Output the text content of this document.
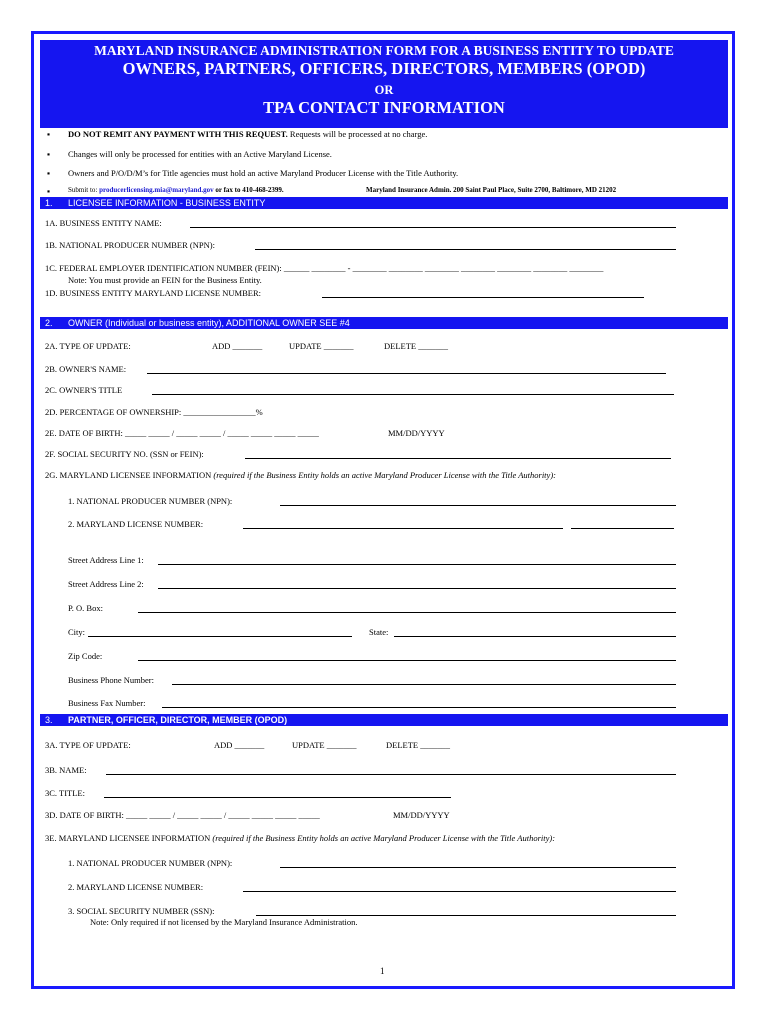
MARYLAND INSURANCE ADMINISTRATION FORM FOR A BUSINESS ENTITY TO UPDATE
OWNERS, PARTNERS, OFFICERS, DIRECTORS, MEMBERS (OPOD)
OR
TPA CONTACT INFORMATION
▪ DO NOT REMIT ANY PAYMENT WITH THIS REQUEST. Requests will be processed at no charge.
▪ Changes will only be processed for entities with an Active Maryland License.
▪ Owners and P/O/D/M’s for Title agencies must hold an active Maryland Producer License with the Title Authority.
▪	Submit to: producerlicensing.mia@maryland.gov or fax to 410-468-2399.	Maryland Insurance Admin. 200 Saint Paul Place, Suite 2700, Baltimore, MD 21202
1. LICENSEE INFORMATION - BUSINESS ENTITY
1A. BUSINESS ENTITY NAME:
1B. NATIONAL PRODUCER NUMBER (NPN):
1C. FEDERAL EMPLOYER IDENTIFICATION NUMBER (FEIN): ______ ________ - ________ ________ ________ ________ ________ ________ ________
Note: You must provide an FEIN for the Business Entity.
1D. BUSINESS ENTITY MARYLAND LICENSE NUMBER:
2. OWNER (Individual or business entity), ADDITIONAL OWNER SEE #4
2A. TYPE OF UPDATE:	ADD _______	UPDATE _______	DELETE _______
2B. OWNER'S NAME:
2C. OWNER'S TITLE
2D. PERCENTAGE OF OWNERSHIP: _________________%
2E. DATE OF BIRTH: _____ _____ / _____ _____ / _____ _____ _____ _____	MM/DD/YYYY
2F. SOCIAL SECURITY NO. (SSN or FEIN):
2G. MARYLAND LICENSEE INFORMATION (required if the Business Entity holds an active Maryland Producer License with the Title Authority):
1. NATIONAL PRODUCER NUMBER (NPN):
2. MARYLAND LICENSE NUMBER:
Street Address Line 1:
Street Address Line 2:
P. O. Box:
City:	State:
Zip Code:
Business Phone Number:
Business Fax Number:
3. PARTNER, OFFICER, DIRECTOR, MEMBER (OPOD)
3A. TYPE OF UPDATE:	ADD _______	UPDATE _______	DELETE _______
3B. NAME:
3C. TITLE:
3D. DATE OF BIRTH: _____ _____ / _____ _____ / _____ _____ _____ _____	MM/DD/YYYY
3E. MARYLAND LICENSEE INFORMATION (required if the Business Entity holds an active Maryland Producer License with the Title Authority):
1. NATIONAL PRODUCER NUMBER (NPN):
2. MARYLAND LICENSE NUMBER:
3. SOCIAL SECURITY NUMBER (SSN):
Note: Only required if not licensed by the Maryland Insurance Administration.
1
